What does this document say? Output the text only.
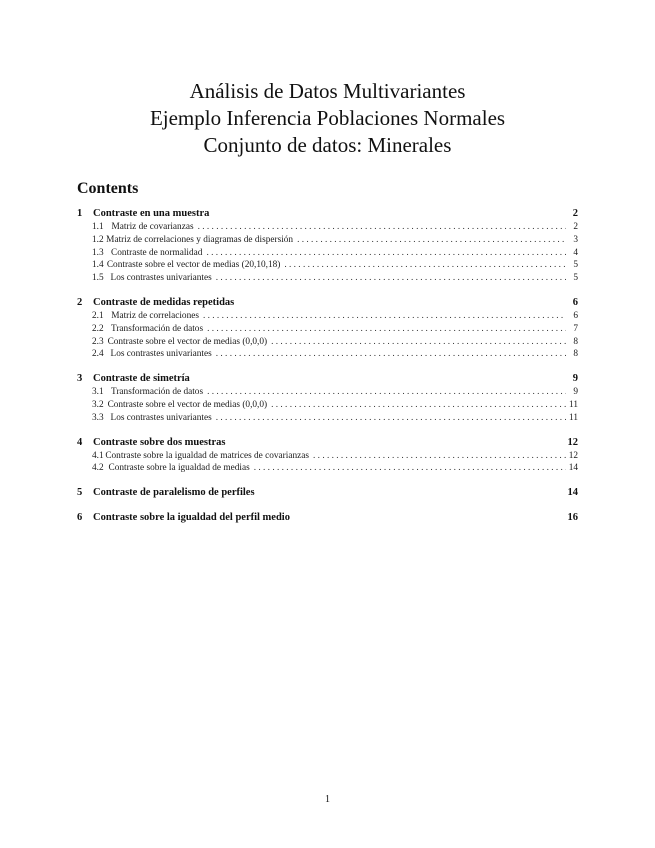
Análisis de Datos Multivariantes
Ejemplo Inferencia Poblaciones Normales
Conjunto de datos: Minerales
Contents
1	Contraste en una muestra	2
1.1 Matriz de covarianzas . . .	2
1.2 Matriz de correlaciones y diagramas de dispersión . . .	3
1.3 Contraste de normalidad . . .	4
1.4 Contraste sobre el vector de medias (20,10,18) . . .	5
1.5 Los contrastes univariantes . . .	5
2	Contraste de medidas repetidas	6
2.1 Matriz de correlaciones . . .	6
2.2 Transformación de datos . . .	7
2.3 Contraste sobre el vector de medias (0,0,0) . . .	8
2.4 Los contrastes univariantes . . .	8
3	Contraste de simetría	9
3.1 Transformación de datos . . .	9
3.2 Contraste sobre el vector de medias (0,0,0) . . .	11
3.3 Los contrastes univariantes . . .	11
4	Contraste sobre dos muestras	12
4.1 Contraste sobre la igualdad de matrices de covarianzas . . .	12
4.2 Contraste sobre la igualdad de medias . . .	14
5	Contraste de paralelismo de perfiles	14
6	Contraste sobre la igualdad del perfil medio	16
1
